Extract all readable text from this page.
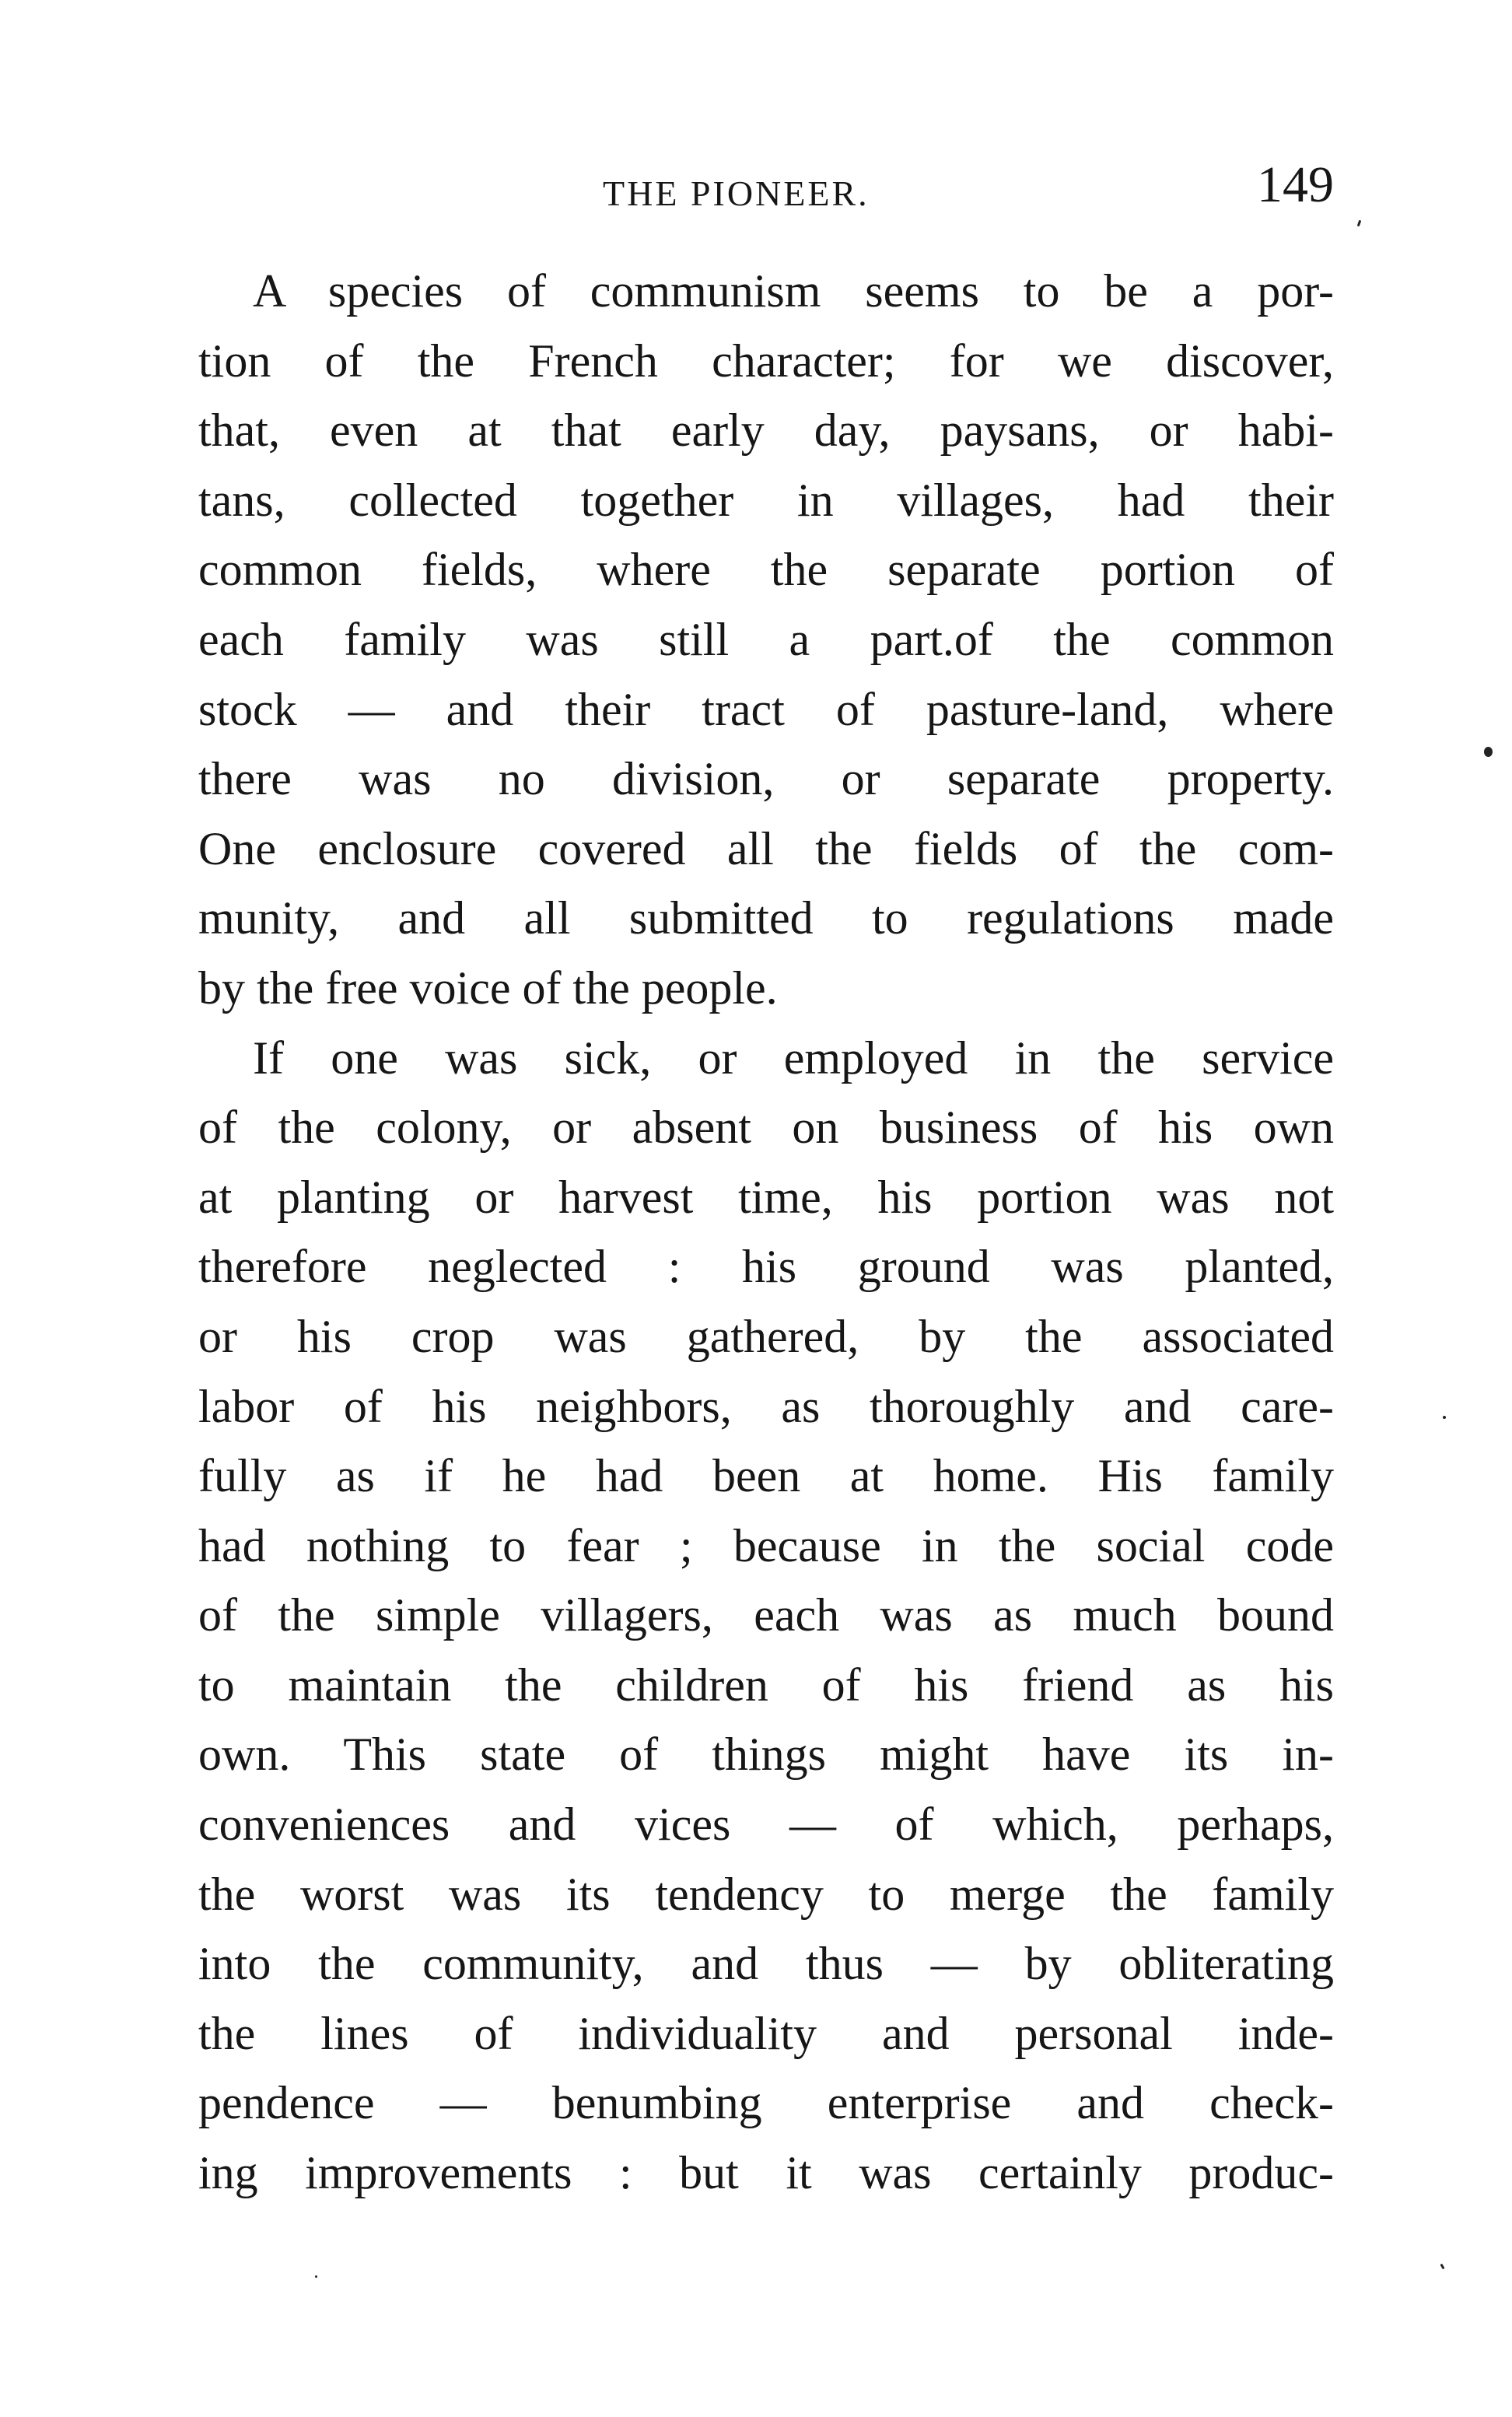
THE PIONEER.	149
A species of communism seems to be a por-
tion of the French character; for we discover,
that, even at that early day, paysans, or habi-
tans, collected together in villages, had their
common fields, where the separate portion of
each family was still a part.of the common
stock — and their tract of pasture-land, where
there was no division, or separate property.
One enclosure covered all the fields of the com-
munity, and all submitted to regulations made
by the free voice of the people.
If one was sick, or employed in the service
of the colony, or absent on business of his own
at planting or harvest time, his portion was not
therefore neglected : his ground was planted,
or his crop was gathered, by the associated
labor of his neighbors, as thoroughly and care-
fully as if he had been at home. His family
had nothing to fear ; because in the social code
of the simple villagers, each was as much bound
to maintain the children of his friend as his
own. This state of things might have its in-
conveniences and vices — of which, perhaps,
the worst was its tendency to merge the family
into the community, and thus — by obliterating
the lines of individuality and personal inde-
pendence — benumbing enterprise and check-
ing improvements : but it was certainly produc-
